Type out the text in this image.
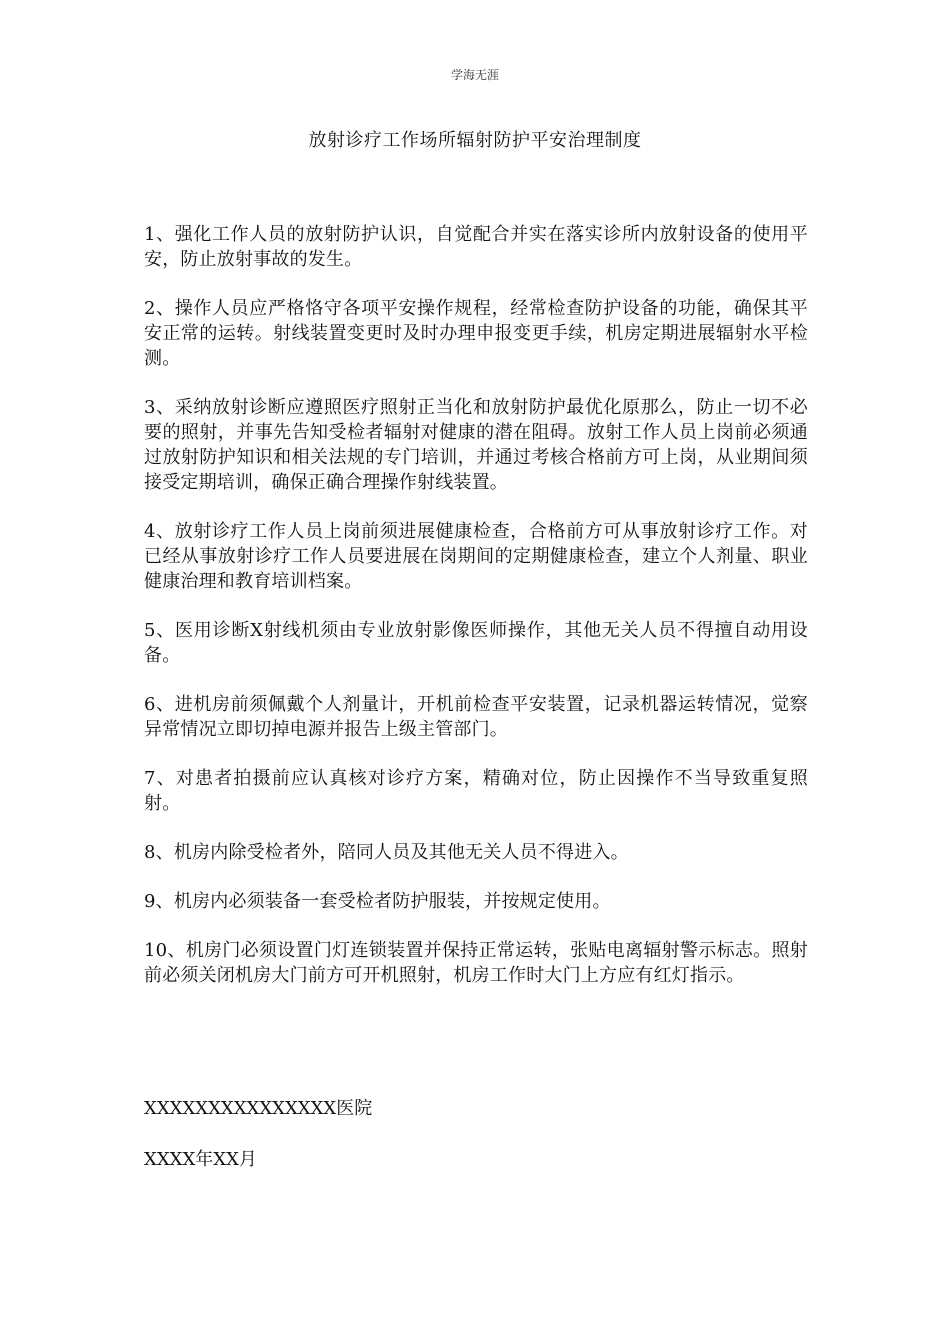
学海无涯
放射诊疗工作场所辐射防护平安治理制度

1、强化工作人员的放射防护认识，自觉配合并实在落实诊所内放射设备的使用平安，防止放射事故的发生。

2、操作人员应严格恪守各项平安操作规程，经常检查防护设备的功能，确保其平安正常的运转。射线装置变更时及时办理申报变更手续，机房定期进展辐射水平检测。

3、采纳放射诊断应遵照医疗照射正当化和放射防护最优化原那么，防止一切不必要的照射，并事先告知受检者辐射对健康的潜在阻碍。放射工作人员上岗前必须通过放射防护知识和相关法规的专门培训，并通过考核合格前方可上岗，从业期间须接受定期培训，确保正确合理操作射线装置。

4、放射诊疗工作人员上岗前须进展健康检查，合格前方可从事放射诊疗工作。对已经从事放射诊疗工作人员要进展在岗期间的定期健康检查，建立个人剂量、职业健康治理和教育培训档案。

5、医用诊断X射线机须由专业放射影像医师操作，其他无关人员不得擅自动用设备。

6、进机房前须佩戴个人剂量计，开机前检查平安装置，记录机器运转情况，觉察异常情况立即切掉电源并报告上级主管部门。

7、对患者拍摄前应认真核对诊疗方案，精确对位，防止因操作不当导致重复照射。

8、机房内除受检者外，陪同人员及其他无关人员不得进入。

9、机房内必须装备一套受检者防护服装，并按规定使用。

10、机房门必须设置门灯连锁装置并保持正常运转，张贴电离辐射警示标志。照射前必须关闭机房大门前方可开机照射，机房工作时大门上方应有红灯指示。

XXXXXXXXXXXXXXX医院
XXXX年XX月
